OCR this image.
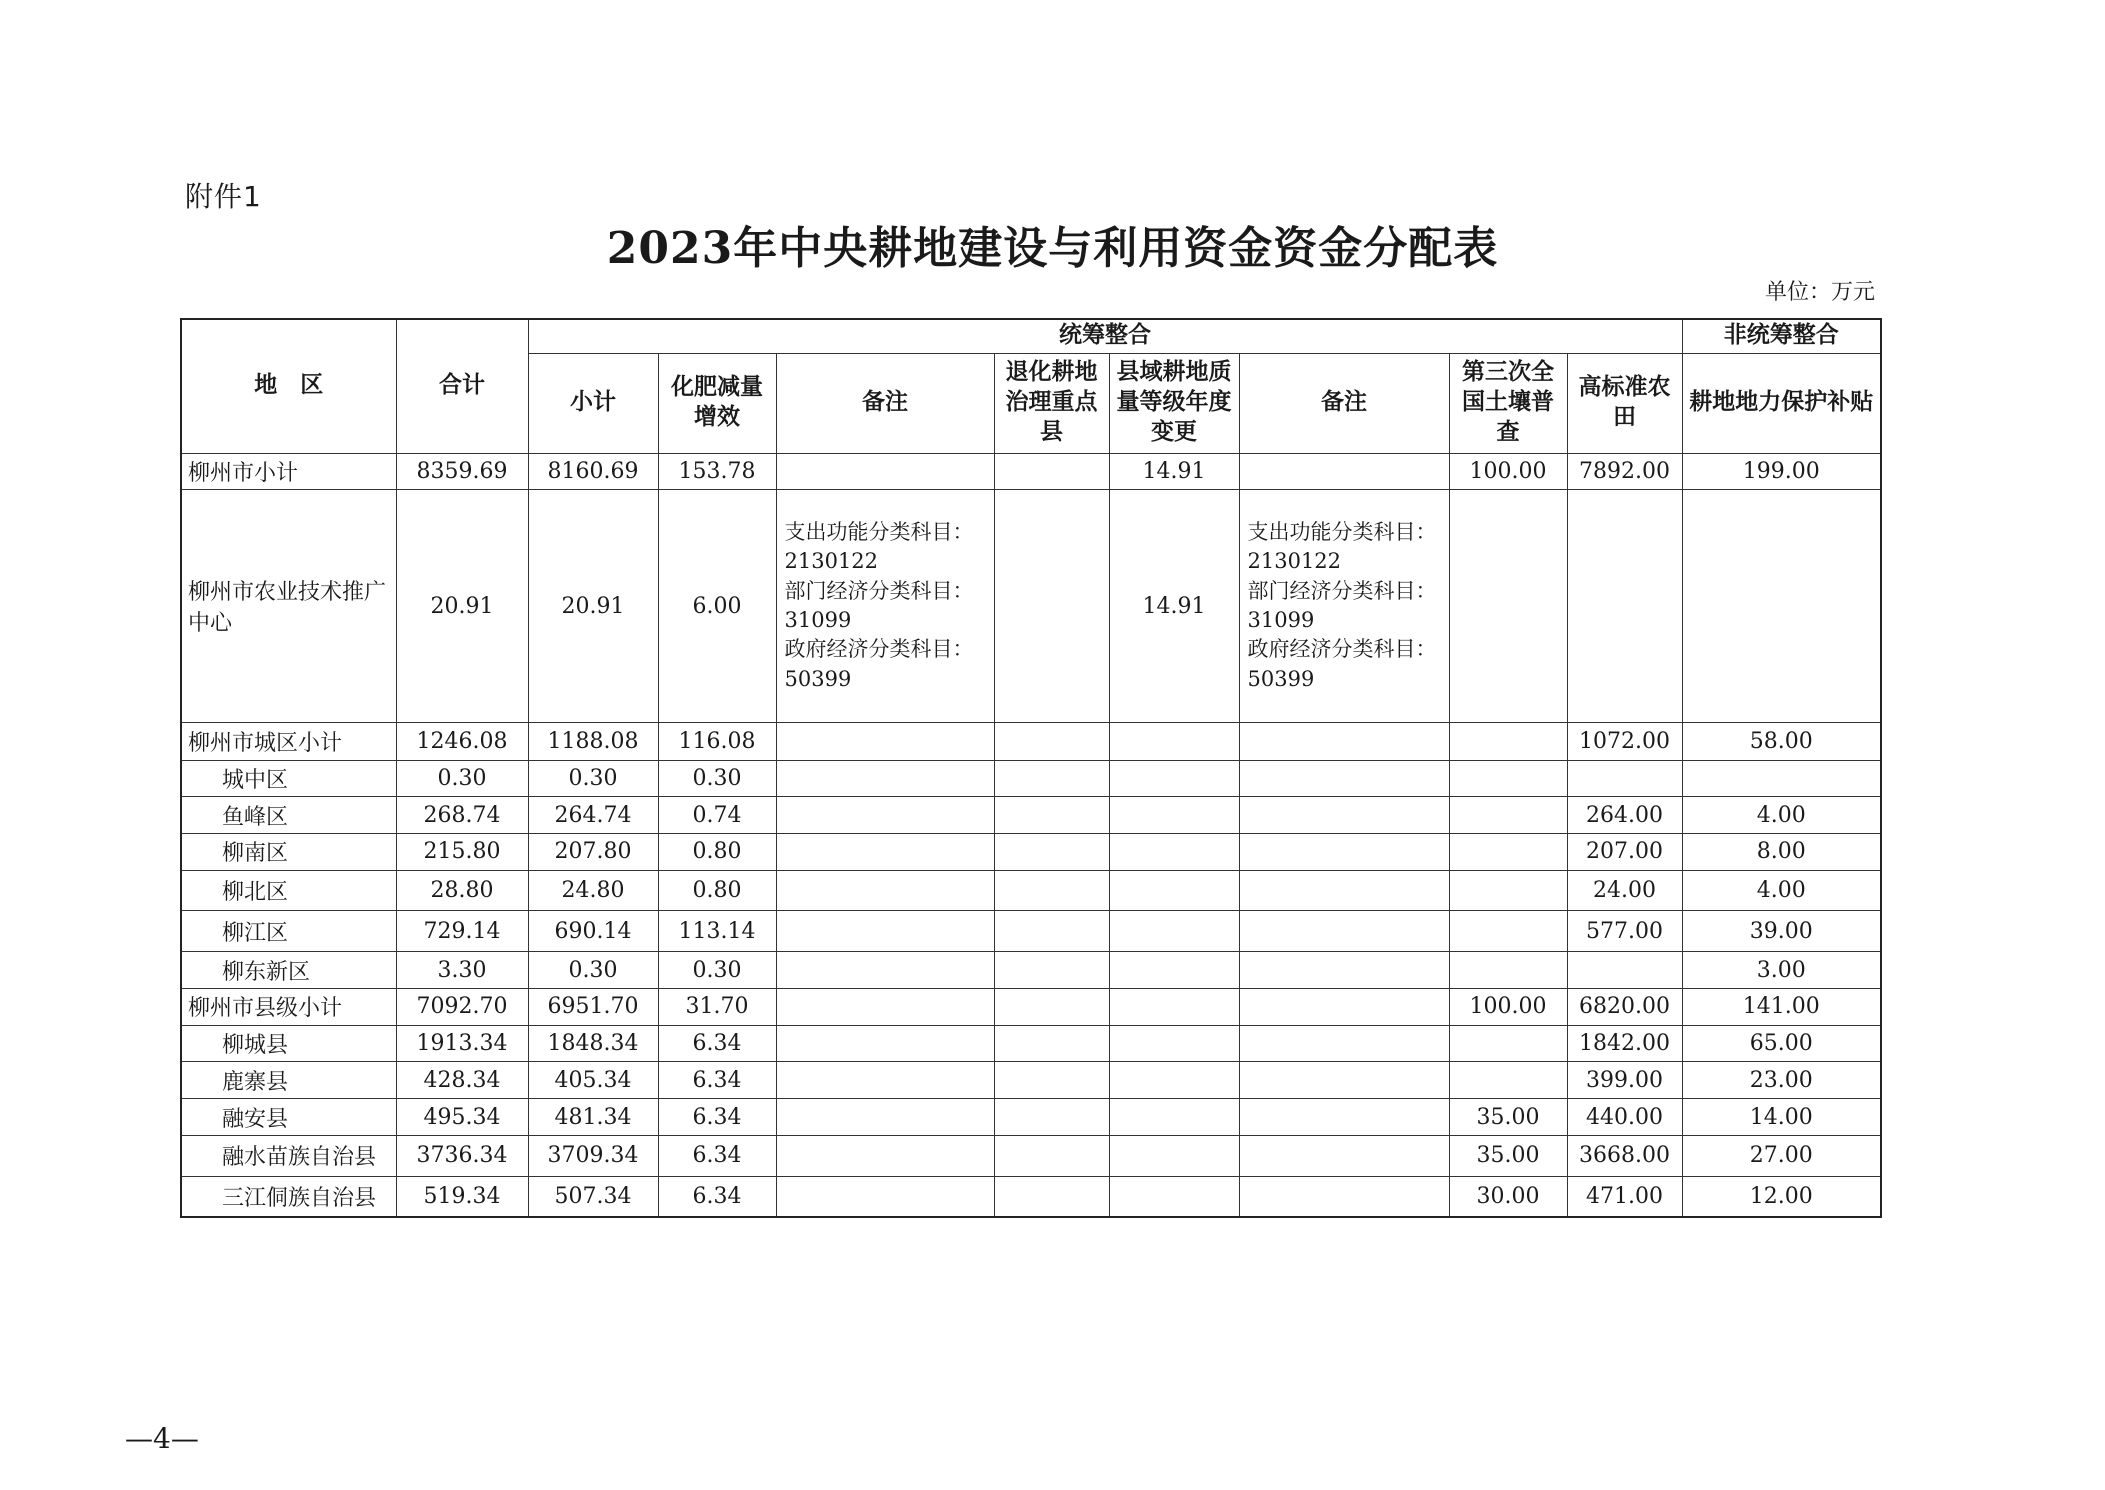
附件1
2023年中央耕地建设与利用资金资金分配表
单位：万元
地　区	合计	统筹整合								非统筹整合
		小计	化肥减量增效	备注	退化耕地治理重点县	县域耕地质量等级年度变更	备注	第三次全国土壤普查	高标准农田	耕地地力保护补贴
柳州市小计	8359.69	8160.69	153.78			14.91		100.00	7892.00	199.00
柳州市农业技术推广中心	20.91	20.91	6.00	支出功能分类科目：2130122
部门经济分类科目：31099
政府经济分类科目：50399		14.91	支出功能分类科目：2130122
部门经济分类科目：31099
政府经济分类科目：50399			
柳州市城区小计	1246.08	1188.08	116.08						1072.00	58.00
城中区	0.30	0.30	0.30							
鱼峰区	268.74	264.74	0.74						264.00	4.00
柳南区	215.80	207.80	0.80						207.00	8.00
柳北区	28.80	24.80	0.80						24.00	4.00
柳江区	729.14	690.14	113.14						577.00	39.00
柳东新区	3.30	0.30	0.30							3.00
柳州市县级小计	7092.70	6951.70	31.70					100.00	6820.00	141.00
柳城县	1913.34	1848.34	6.34						1842.00	65.00
鹿寨县	428.34	405.34	6.34						399.00	23.00
融安县	495.34	481.34	6.34					35.00	440.00	14.00
融水苗族自治县	3736.34	3709.34	6.34					35.00	3668.00	27.00
三江侗族自治县	519.34	507.34	6.34					30.00	471.00	12.00
—4—
